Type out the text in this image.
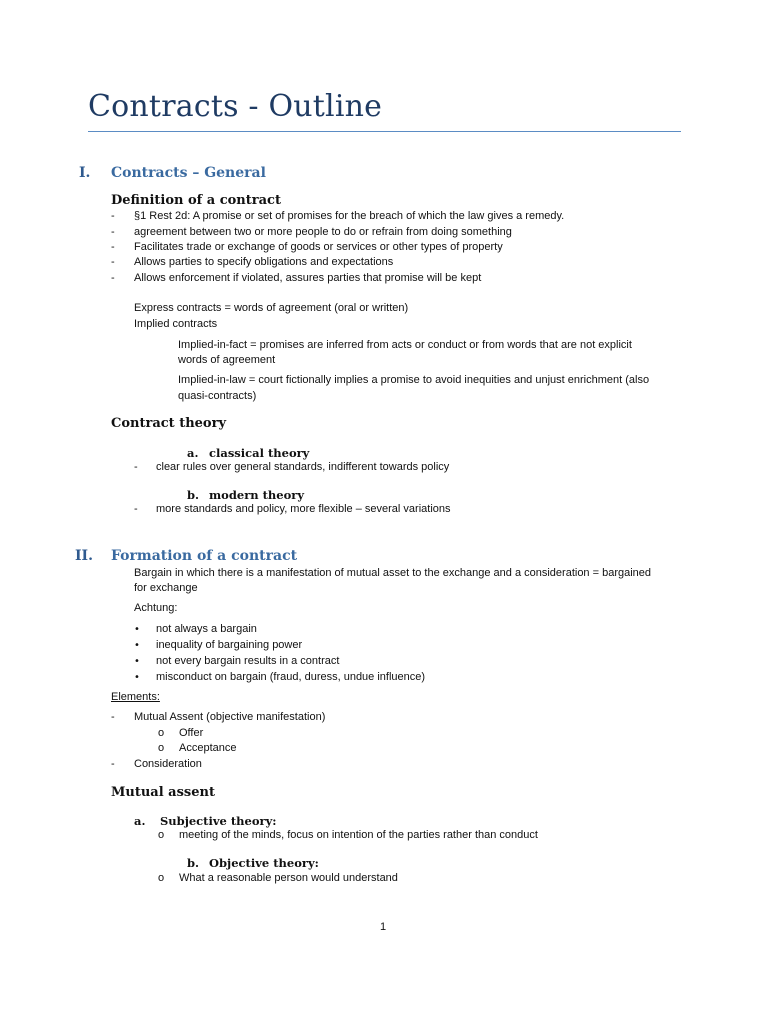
Contracts - Outline
I. Contracts – General
Definition of a contract
- §1 Rest 2d: A promise or set of promises for the breach of which the law gives a remedy.
- agreement between two or more people to do or refrain from doing something
- Facilitates trade or exchange of goods or services or other types of property
- Allows parties to specify obligations and expectations
- Allows enforcement if violated, assures parties that promise will be kept
Express contracts = words of agreement (oral or written)
Implied contracts
Implied-in-fact = promises are inferred from acts or conduct or from words that are not explicit
words of agreement
Implied-in-law = court fictionally implies a promise to avoid inequities and unjust enrichment (also
quasi-contracts)
Contract theory
a. classical theory
- clear rules over general standards, indifferent towards policy
b. modern theory
- more standards and policy, more flexible – several variations
II. Formation of a contract
Bargain in which there is a manifestation of mutual asset to the exchange and a consideration = bargained
for exchange
Achtung:
• not always a bargain
• inequality of bargaining power
• not every bargain results in a contract
• misconduct on bargain (fraud, duress, undue influence)
Elements:
- Mutual Assent (objective manifestation)
o Offer
o Acceptance
- Consideration
Mutual assent
a. Subjective theory:
o meeting of the minds, focus on intention of the parties rather than conduct
b. Objective theory:
o What a reasonable person would understand
1
